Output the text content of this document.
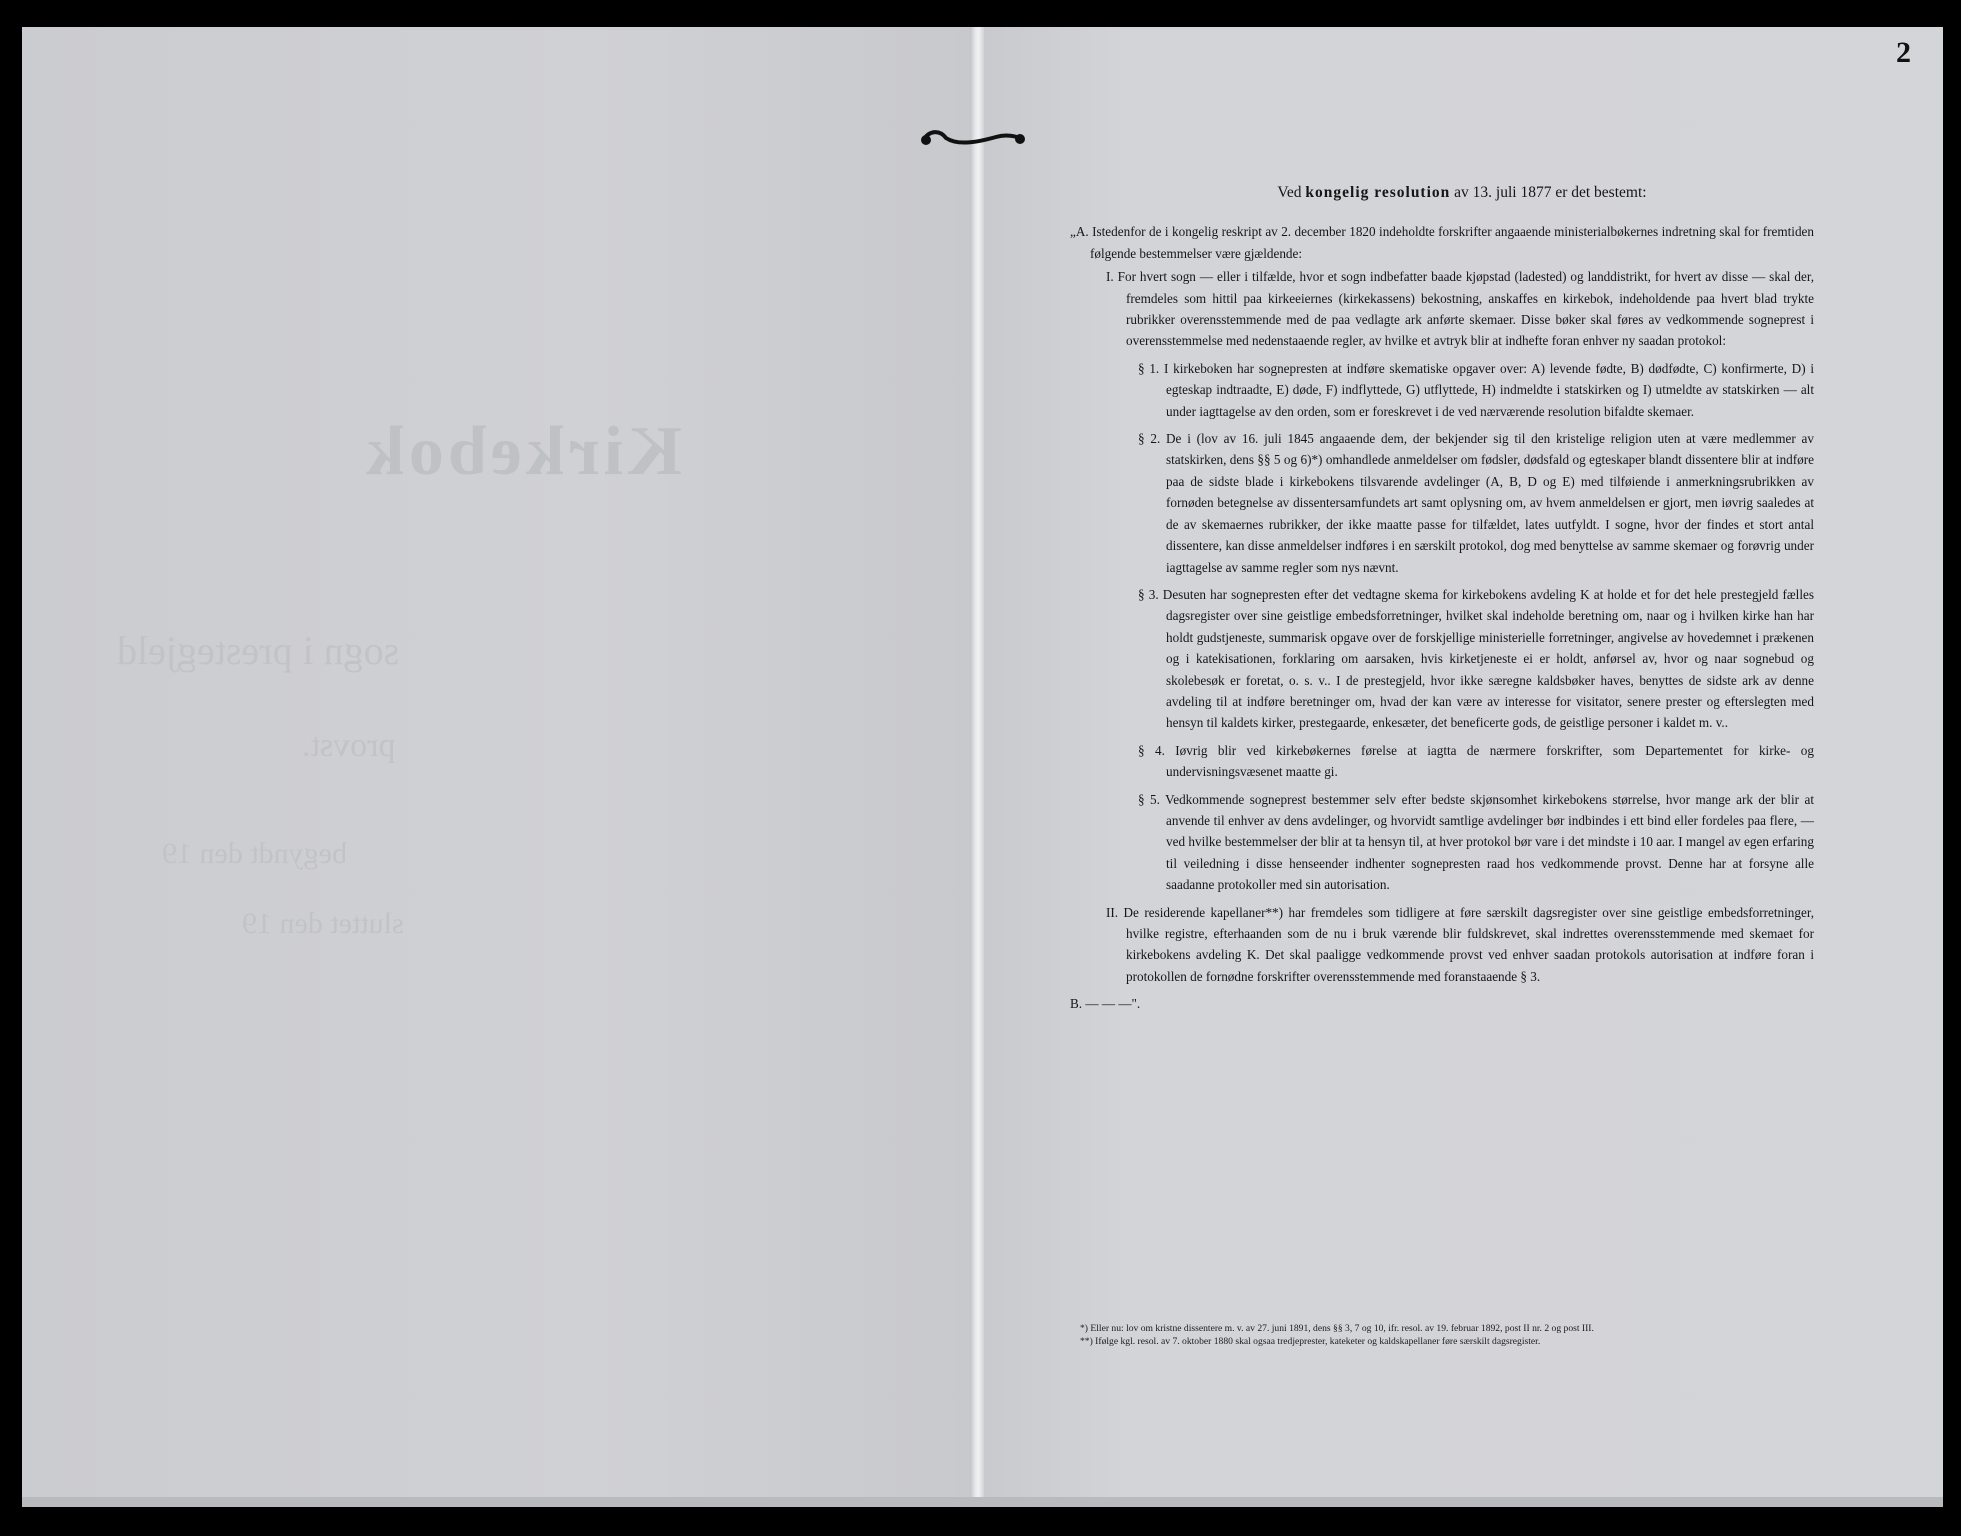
Kirkebok
sogn i prestegjeld
provst.
begyndt den 19
sluttet den 19
2
Ved kongelig resolution av 13. juli 1877 er det bestemt:

„A. Istedenfor de i kongelig reskript av 2. december 1820 indeholdte forskrifter angaaende ministerialbøkernes indretning skal for fremtiden følgende bestemmelser være gjældende:

I. For hvert sogn — eller i tilfælde, hvor et sogn indbefatter baade kjøpstad (ladested) og landdistrikt, for hvert av disse — skal der, fremdeles som hittil paa kirkeeiernes (kirkekassens) bekostning, anskaffes en kirkebok, indeholdende paa hvert blad trykte rubrikker overensstemmende med de paa vedlagte ark anførte skemaer. Disse bøker skal føres av vedkommende sogneprest i overensstemmelse med nedenstaaende regler, av hvilke et avtryk blir at indhefte foran enhver ny saadan protokol:

§ 1. I kirkeboken har sognepresten at indføre skematiske opgaver over: A) levende fødte, B) dødfødte, C) konfirmerte, D) i egteskap indtraadte, E) døde, F) indflyttede, G) utflyttede, H) indmeldte i statskirken og I) utmeldte av statskirken — alt under iagttagelse av den orden, som er foreskrevet i de ved nærværende resolution bifaldte skemaer.

§ 2. De i (lov av 16. juli 1845 angaaende dem, der bekjender sig til den kristelige religion uten at være medlemmer av statskirken, dens §§ 5 og 6)*) omhandlede anmeldelser om fødsler, dødsfald og egteskaper blandt dissentere blir at indføre paa de sidste blade i kirkebokens tilsvarende avdelinger (A, B, D og E) med tilføiende i anmerkningsrubrikken av fornøden betegnelse av dissentersamfundets art samt oplysning om, av hvem anmeldelsen er gjort, men iøvrig saaledes at de av skemaernes rubrikker, der ikke maatte passe for tilfældet, lates uutfyldt. I sogne, hvor der findes et stort antal dissentere, kan disse anmeldelser indføres i en særskilt protokol, dog med benyttelse av samme skemaer og forøvrig under iagttagelse av samme regler som nys nævnt.

§ 3. Desuten har sognepresten efter det vedtagne skema for kirkebokens avdeling K at holde et for det hele prestegjeld fælles dagsregister over sine geistlige embedsforretninger, hvilket skal indeholde beretning om, naar og i hvilken kirke han har holdt gudstjeneste, summarisk opgave over de forskjellige ministerielle forretninger, angivelse av hovedemnet i prækenen og i katekisationen, forklaring om aarsaken, hvis kirketjeneste ei er holdt, anførsel av, hvor og naar sognebud og skolebesøk er foretat, o. s. v.. I de prestegjeld, hvor ikke særegne kaldsbøker haves, benyttes de sidste ark av denne avdeling til at indføre beretninger om, hvad der kan være av interesse for visitator, senere prester og efterslegten med hensyn til kaldets kirker, prestegaarde, enkesæter, det beneficerte gods, de geistlige personer i kaldet m. v..

§ 4. Iøvrig blir ved kirkebøkernes førelse at iagtta de nærmere forskrifter, som Departementet for kirke- og undervisningsvæsenet maatte gi.

§ 5. Vedkommende sogneprest bestemmer selv efter bedste skjønsomhet kirkebokens størrelse, hvor mange ark der blir at anvende til enhver av dens avdelinger, og hvorvidt samtlige avdelinger bør indbindes i ett bind eller fordeles paa flere, — ved hvilke bestemmelser der blir at ta hensyn til, at hver protokol bør vare i det mindste i 10 aar. I mangel av egen erfaring til veiledning i disse henseender indhenter sognepresten raad hos vedkommende provst. Denne har at forsyne alle saadanne protokoller med sin autorisation.

II. De residerende kapellaner**) har fremdeles som tidligere at føre særskilt dagsregister over sine geistlige embedsforretninger, hvilke registre, efterhaanden som de nu i bruk værende blir fuldskrevet, skal indrettes overensstemmende med skemaet for kirkebokens avdeling K. Det skal paaligge vedkommende provst ved enhver saadan protokols autorisation at indføre foran i protokollen de fornødne forskrifter overensstemmende med foranstaaende § 3.

B. — — —".

*) Eller nu: lov om kristne dissentere m. v. av 27. juni 1891, dens §§ 3, 7 og 10, ifr. resol. av 19. februar 1892, post II nr. 2 og post III.
**) Ifølge kgl. resol. av 7. oktober 1880 skal ogsaa tredjeprester, kateketer og kaldskapellaner føre særskilt dagsregister.
